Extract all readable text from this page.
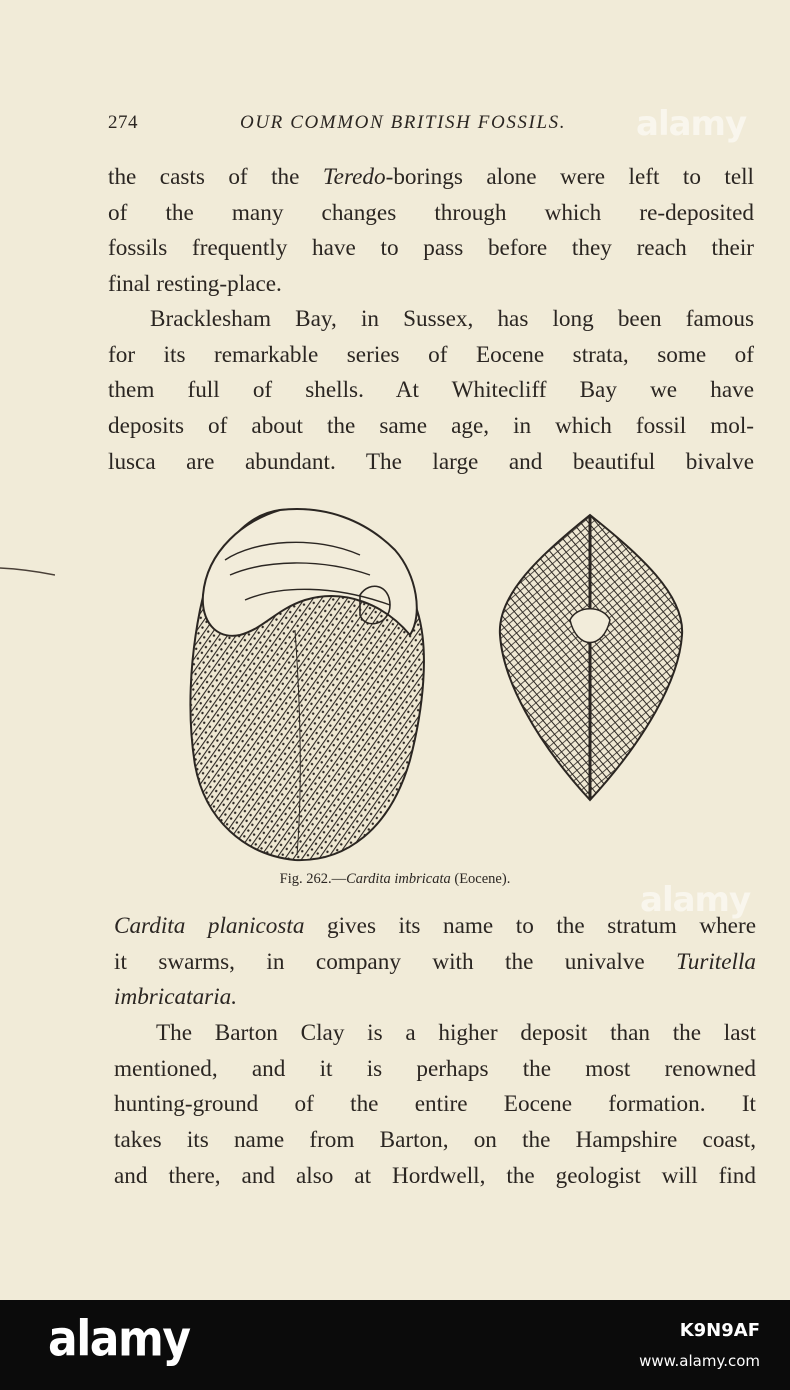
274	OUR COMMON BRITISH FOSSILS. alamy
the casts of the Teredo-borings alone were left to tell
of the many changes through which re-deposited
fossils frequently have to pass before they reach their
final resting-place.
Bracklesham Bay, in Sussex, has long been famous
for its remarkable series of Eocene strata, some of
them full of shells. At Whitecliff Bay we have
deposits of about the same age, in which fossil mol-
lusca are abundant. The large and beautiful bivalve
alamy
Fig. 262.—Cardita imbricata (Eocene).
Cardita planicosta gives its name to the stratum where
it swarms, in company with the univalve Turitella
imbricataria.
The Barton Clay is a higher deposit than the last
mentioned, and it is perhaps the most renowned
hunting-ground of the entire Eocene formation. It
takes its name from Barton, on the Hampshire coast,
and there, and also at Hordwell, the geologist will find
alamy	K9N9AF
www.alamy.com
